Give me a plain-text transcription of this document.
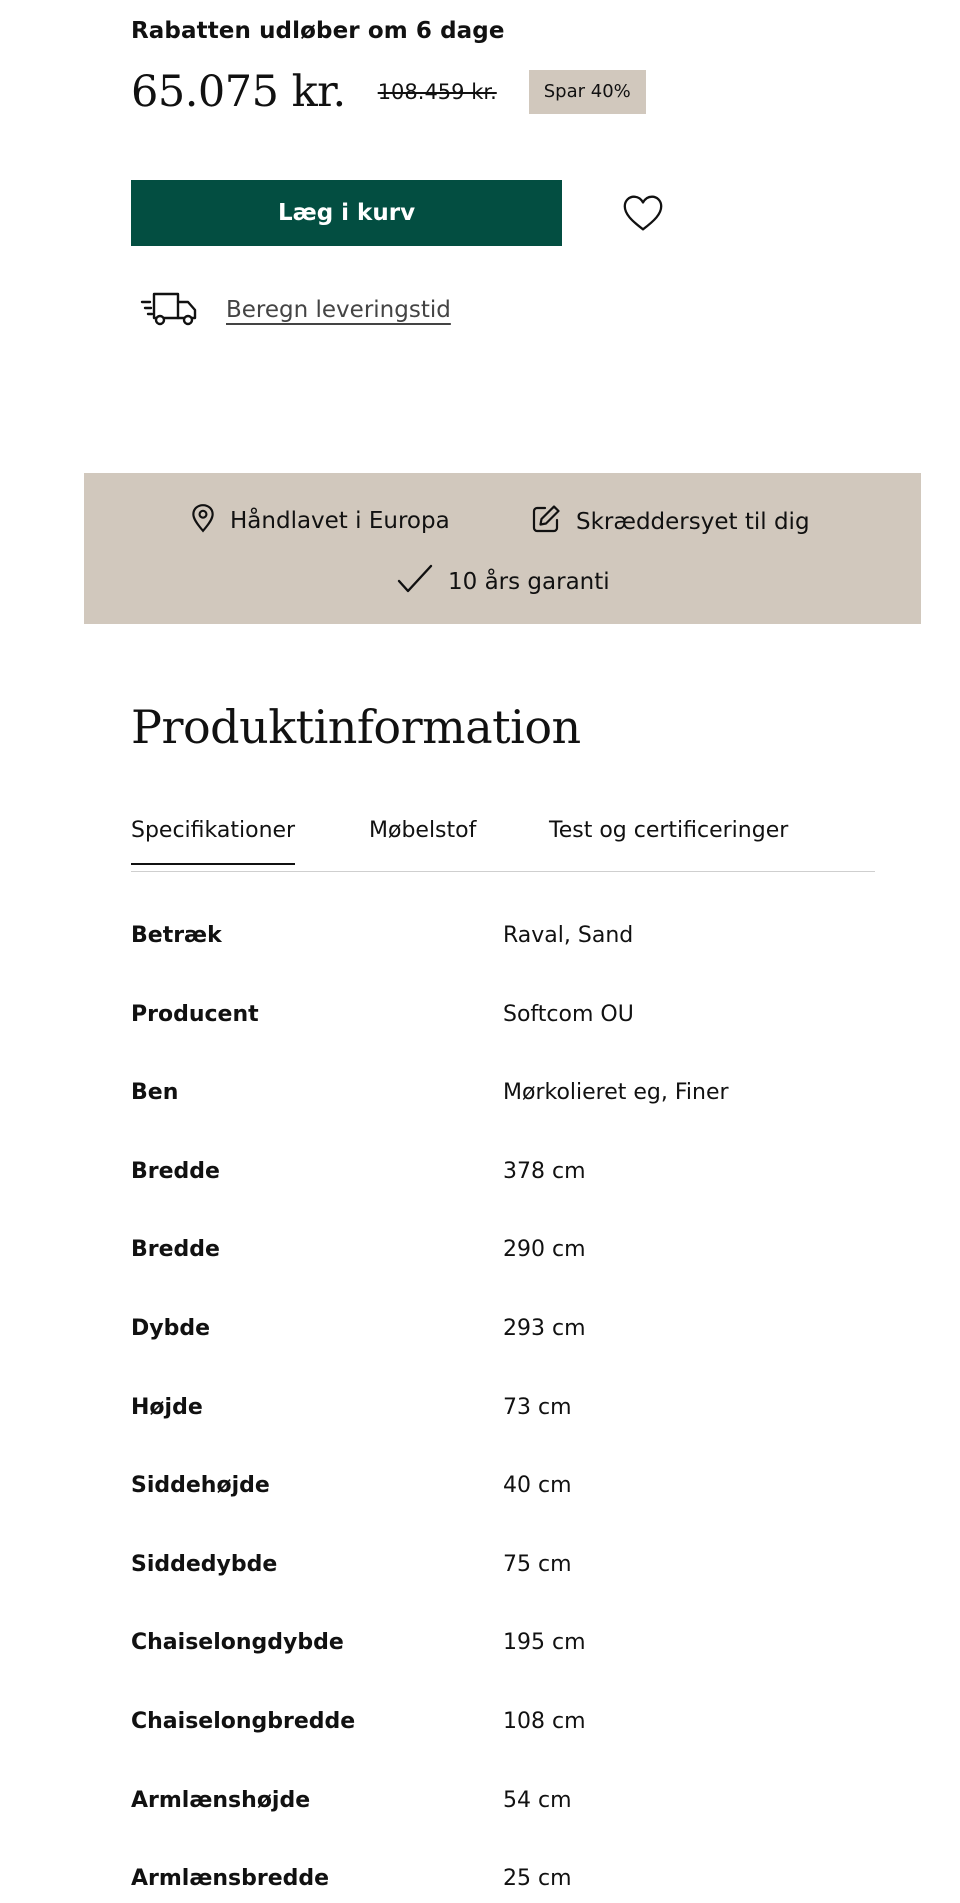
Rabatten udløber om 6 dage
65.075 kr. 108.459 kr.	Spar 40%
Læg i kurv
Beregn leveringstid
Håndlavet i Europa	Skræddersyet til dig
10 års garanti
Produktinformation
Specifikationer	Møbelstof	Test og certificeringer
Betræk	Raval, Sand
Producent	Softcom OU
Ben	Mørkolieret eg, Finer
Bredde	378 cm
Bredde	290 cm
Dybde	293 cm
Højde	73 cm
Siddehøjde	40 cm
Siddedybde	75 cm
Chaiselongdybde	195 cm
Chaiselongbredde	108 cm
Armlænshøjde	54 cm
Armlænsbredde	25 cm
